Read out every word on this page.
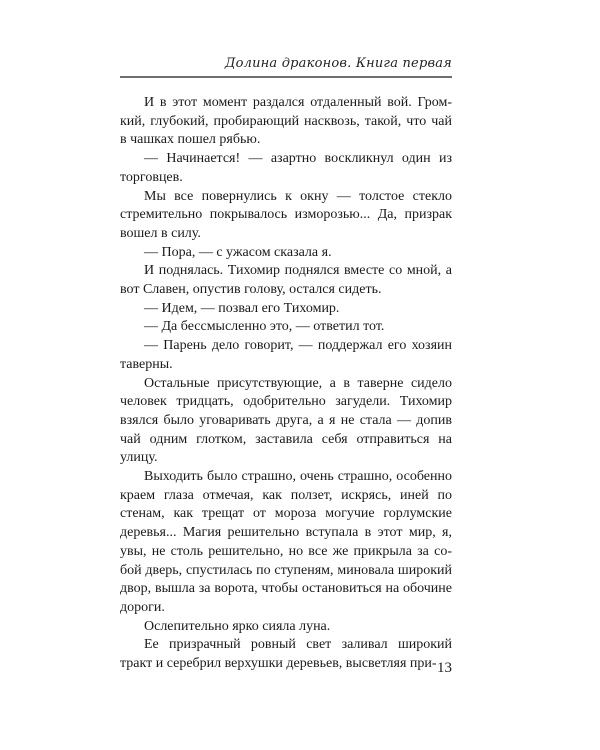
Долина драконов. Книга первая

И в этот момент раздался отдаленный вой. Громкий, глубокий, пробирающий насквозь, такой, что чай в чашках пошел рябью.

— Начинается! — азартно воскликнул один из торговцев.

Мы все повернулись к окну — толстое стекло стремительно покрывалось изморозью... Да, призрак вошел в силу.

— Пора, — с ужасом сказала я.

И поднялась. Тихомир поднялся вместе со мной, а вот Славен, опустив голову, остался сидеть.

— Идем, — позвал его Тихомир.

— Да бессмысленно это, — ответил тот.

— Парень дело говорит, — поддержал его хозяин таверны.

Остальные присутствующие, а в таверне сидело человек тридцать, одобрительно загудели. Тихомир взялся было уговаривать друга, а я не стала — допив чай одним глотком, заставила себя отправиться на улицу.

Выходить было страшно, очень страшно, особенно краем глаза отмечая, как ползет, искрясь, иней по стенам, как трещат от мороза могучие горлумские деревья... Магия решительно вступала в этот мир, я, увы, не столь решительно, но все же прикрыла за собой дверь, спустилась по ступеням, миновала широкий двор, вышла за ворота, чтобы остановиться на обочине дороги.

Ослепительно ярко сияла луна.

Ее призрачный ровный свет заливал широкий тракт и серебрил верхушки деревьев, высветляя при- 13
